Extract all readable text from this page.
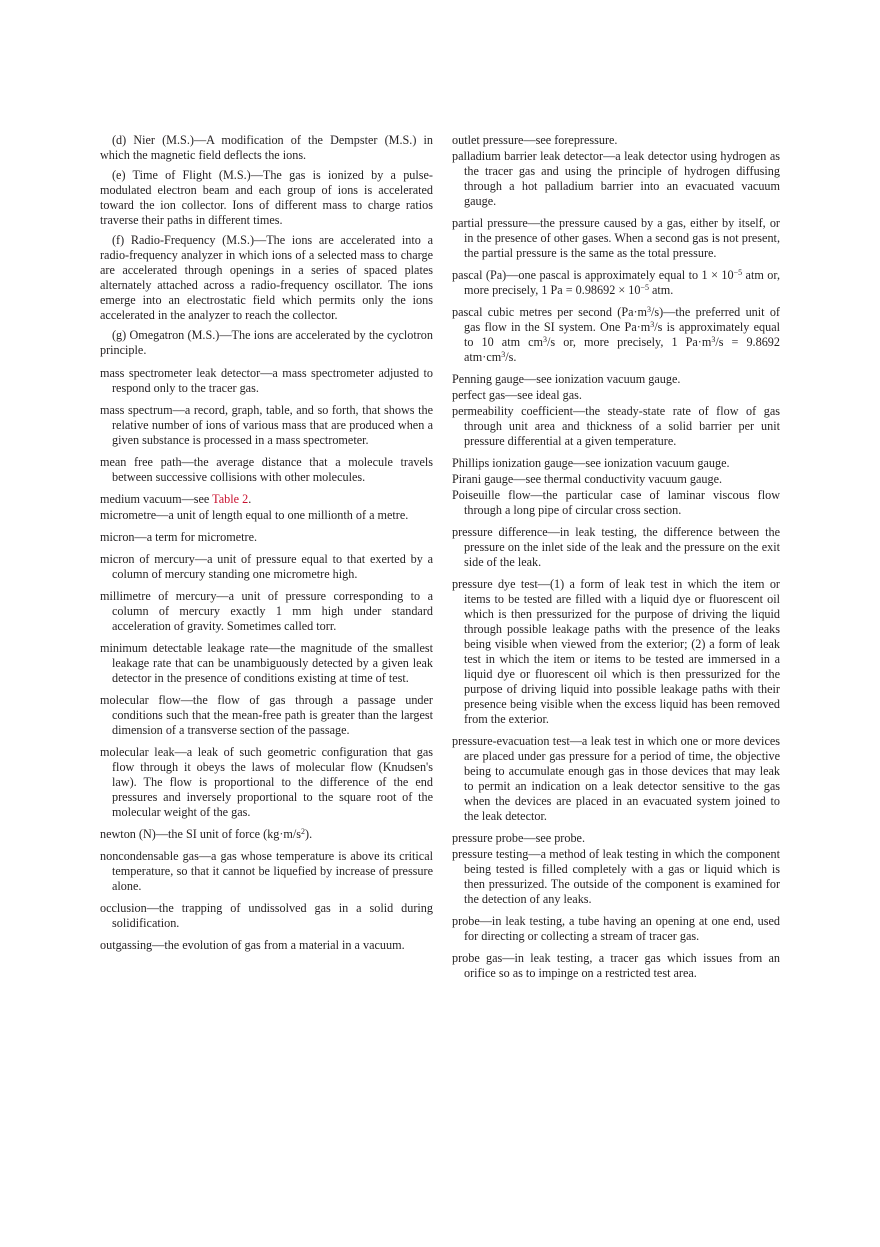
(d) Nier (M.S.)—A modification of the Dempster (M.S.) in which the magnetic field deflects the ions.

(e) Time of Flight (M.S.)—The gas is ionized by a pulse-modulated electron beam and each group of ions is accelerated toward the ion collector. Ions of different mass to charge ratios traverse their paths in different times.

(f) Radio-Frequency (M.S.)—The ions are accelerated into a radio-frequency analyzer in which ions of a selected mass to charge are accelerated through openings in a series of spaced plates alternately attached across a radio-frequency oscillator. The ions emerge into an electrostatic field which permits only the ions accelerated in the analyzer to reach the collector.

(g) Omegatron (M.S.)—The ions are accelerated by the cyclotron principle.

mass spectrometer leak detector—a mass spectrometer adjusted to respond only to the tracer gas.

mass spectrum—a record, graph, table, and so forth, that shows the relative number of ions of various mass that are produced when a given substance is processed in a mass spectrometer.

mean free path—the average distance that a molecule travels between successive collisions with other molecules.

medium vacuum—see Table 2.

micrometre—a unit of length equal to one millionth of a metre.

micron—a term for micrometre.

micron of mercury—a unit of pressure equal to that exerted by a column of mercury standing one micrometre high.

millimetre of mercury—a unit of pressure corresponding to a column of mercury exactly 1 mm high under standard acceleration of gravity. Sometimes called torr.

minimum detectable leakage rate—the magnitude of the smallest leakage rate that can be unambiguously detected by a given leak detector in the presence of conditions existing at time of test.

molecular flow—the flow of gas through a passage under conditions such that the mean-free path is greater than the largest dimension of a transverse section of the passage.

molecular leak—a leak of such geometric configuration that gas flow through it obeys the laws of molecular flow (Knudsen's law). The flow is proportional to the difference of the end pressures and inversely proportional to the square root of the molecular weight of the gas.

newton (N)—the SI unit of force $(kg\cdot m/s^2)$.

noncondensable gas—a gas whose temperature is above its critical temperature, so that it cannot be liquefied by increase of pressure alone.

occlusion—the trapping of undissolved gas in a solid during solidification.

outgassing—the evolution of gas from a material in a vacuum.

outlet pressure—see forepressure.

palladium barrier leak detector—a leak detector using hydrogen as the tracer gas and using the principle of hydrogen diffusing through a hot palladium barrier into an evacuated vacuum gauge.

partial pressure—the pressure caused by a gas, either by itself, or in the presence of other gases. When a second gas is not present, the partial pressure is the same as the total pressure.

pascal (Pa)—one pascal is approximately equal to $1 \times 10^{-5}$ atm or, more precisely, 1 $Pa = 0.98692 \times 10^{-5}$ atm.

pascal cubic metres per second $(Pa\cdot m^3/s)—the$ preferred unit of gas flow in the SI system. One $Pa\cdot m^3/s$ is approximately equal to 10 atm $cm^3/s$ or, more precisely, 1 $Pa\cdot m^3/s = 9.8692$ $atm\cdot cm^3/s$.

Penning gauge—see ionization vacuum gauge.

perfect gas—see ideal gas.

permeability coefficient—the steady-state rate of flow of gas through unit area and thickness of a solid barrier per unit pressure differential at a given temperature.

Phillips ionization gauge—see ionization vacuum gauge.

Pirani gauge—see thermal conductivity vacuum gauge.

Poiseuille flow—the particular case of laminar viscous flow through a long pipe of circular cross section.

pressure difference—in leak testing, the difference between the pressure on the inlet side of the leak and the pressure on the exit side of the leak.

pressure dye test—(1) a form of leak test in which the item or items to be tested are filled with a liquid dye or fluorescent oil which is then pressurized for the purpose of driving the liquid through possible leakage paths with the presence of the leaks being visible when viewed from the exterior; (2) a form of leak test in which the item or items to be tested are immersed in a liquid dye or fluorescent oil which is then pressurized for the purpose of driving liquid into possible leakage paths with their presence being visible when the excess liquid has been removed from the exterior.

pressure-evacuation test—a leak test in which one or more devices are placed under gas pressure for a period of time, the objective being to accumulate enough gas in those devices that may leak to permit an indication on a leak detector sensitive to the gas when the devices are placed in an evacuated system joined to the leak detector.

pressure probe—see probe.

pressure testing—a method of leak testing in which the component being tested is filled completely with a gas or liquid which is then pressurized. The outside of the component is examined for the detection of any leaks.

probe—in leak testing, a tube having an opening at one end, used for directing or collecting a stream of tracer gas.

probe gas—in leak testing, a tracer gas which issues from an orifice so as to impinge on a restricted test area.
